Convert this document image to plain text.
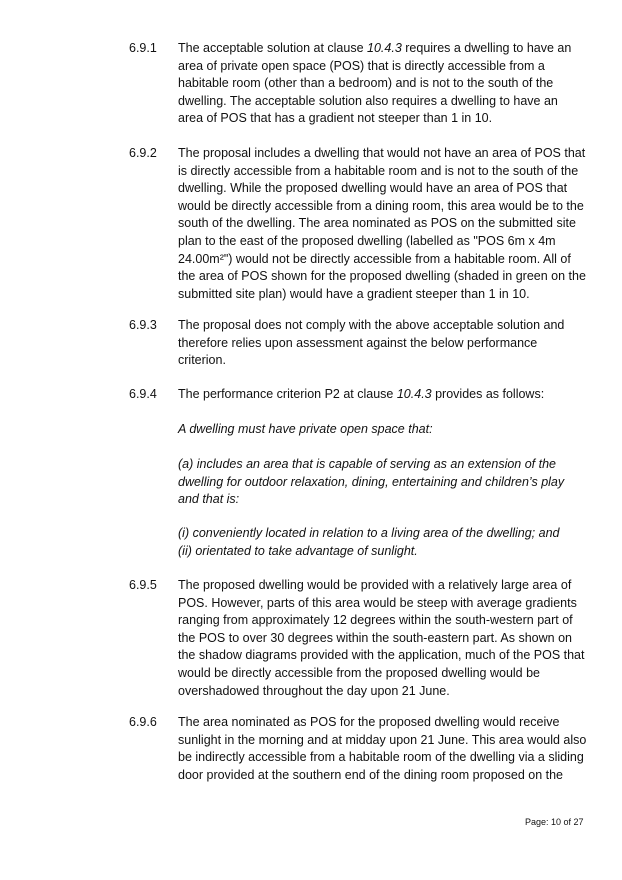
6.9.1 The acceptable solution at clause 10.4.3 requires a dwelling to have an
area of private open space (POS) that is directly accessible from a
habitable room (other than a bedroom) and is not to the south of the
dwelling. The acceptable solution also requires a dwelling to have an
area of POS that has a gradient not steeper than 1 in 10.
6.9.2 The proposal includes a dwelling that would not have an area of POS that
is directly accessible from a habitable room and is not to the south of the
dwelling. While the proposed dwelling would have an area of POS that
would be directly accessible from a dining room, this area would be to the
south of the dwelling. The area nominated as POS on the submitted site
plan to the east of the proposed dwelling (labelled as "POS 6m x 4m
24.00m²") would not be directly accessible from a habitable room. All of
the area of POS shown for the proposed dwelling (shaded in green on the
submitted site plan) would have a gradient steeper than 1 in 10.
6.9.3 The proposal does not comply with the above acceptable solution and
therefore relies upon assessment against the below performance
criterion.
6.9.4 The performance criterion P2 at clause 10.4.3 provides as follows:
A dwelling must have private open space that:
(a) includes an area that is capable of serving as an extension of the
dwelling for outdoor relaxation, dining, entertaining and children’s play
and that is:
(i) conveniently located in relation to a living area of the dwelling; and
(ii) orientated to take advantage of sunlight.
6.9.5 The proposed dwelling would be provided with a relatively large area of
POS. However, parts of this area would be steep with average gradients
ranging from approximately 12 degrees within the south-western part of
the POS to over 30 degrees within the south-eastern part. As shown on
the shadow diagrams provided with the application, much of the POS that
would be directly accessible from the proposed dwelling would be
overshadowed throughout the day upon 21 June.
6.9.6 The area nominated as POS for the proposed dwelling would receive
sunlight in the morning and at midday upon 21 June. This area would also
be indirectly accessible from a habitable room of the dwelling via a sliding
door provided at the southern end of the dining room proposed on the
Page: 10 of 27
